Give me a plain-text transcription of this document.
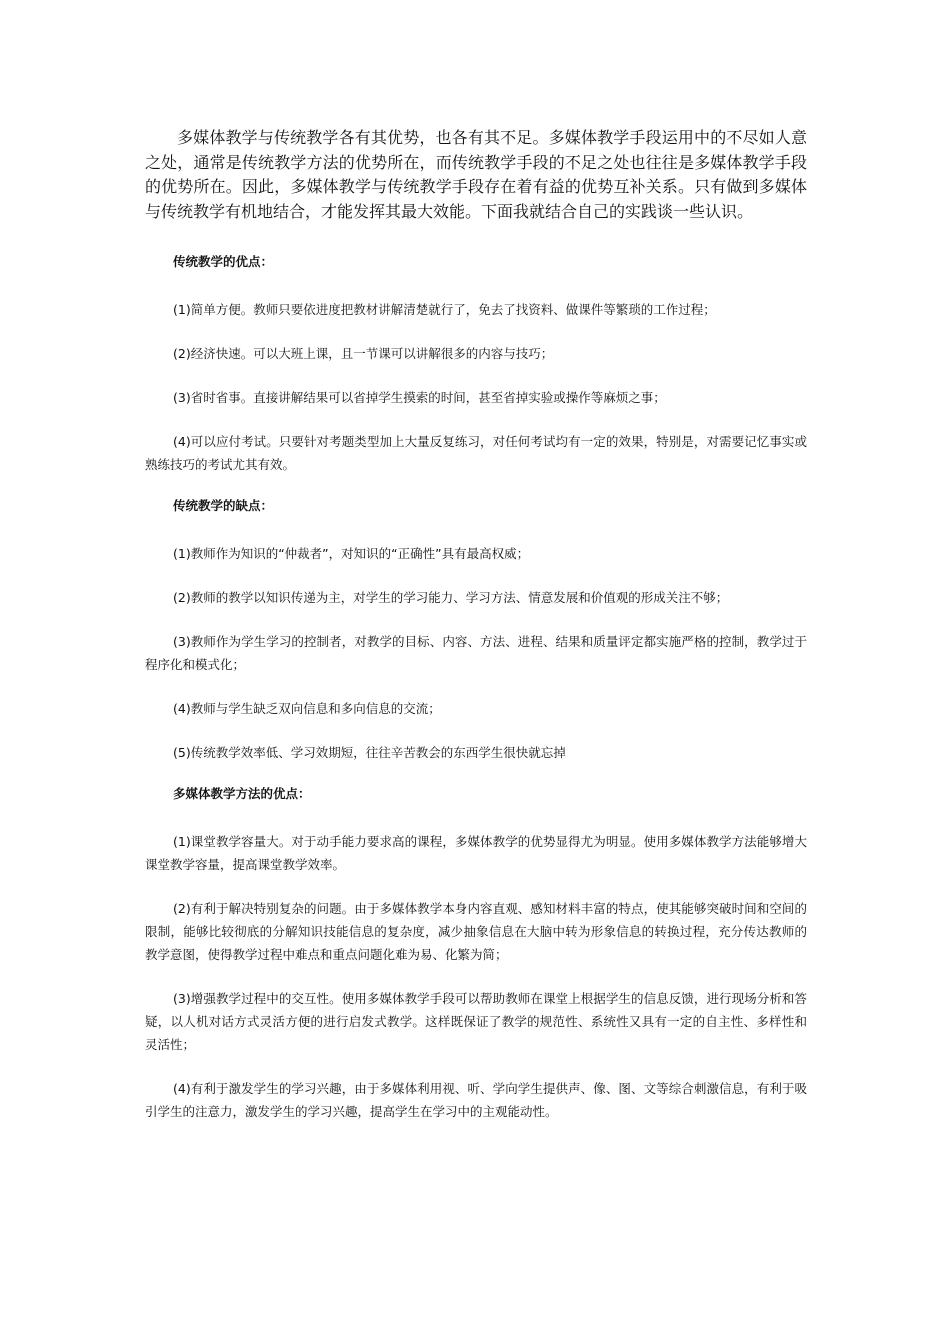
多媒体教学与传统教学各有其优势，也各有其不足。多媒体教学手段运用中的不尽如人意之处，通常是传统教学方法的优势所在，而传统教学手段的不足之处也往往是多媒体教学手段的优势所在。因此，多媒体教学与传统教学手段存在着有益的优势互补关系。只有做到多媒体与传统教学有机地结合，才能发挥其最大效能。下面我就结合自己的实践谈一些认识。

传统教学的优点：

(1)简单方便。教师只要依进度把教材讲解清楚就行了，免去了找资料、做课件等繁琐的工作过程；

(2)经济快速。可以大班上课，且一节课可以讲解很多的内容与技巧；

(3)省时省事。直接讲解结果可以省掉学生摸索的时间，甚至省掉实验或操作等麻烦之事；

(4)可以应付考试。只要针对考题类型加上大量反复练习，对任何考试均有一定的效果，特别是，对需要记忆事实或熟练技巧的考试尤其有效。

传统教学的缺点：

(1)教师作为知识的“仲裁者”，对知识的“正确性”具有最高权威；

(2)教师的教学以知识传递为主，对学生的学习能力、学习方法、情意发展和价值观的形成关注不够；

(3)教师作为学生学习的控制者，对教学的目标、内容、方法、进程、结果和质量评定都实施严格的控制，教学过于程序化和模式化；

(4)教师与学生缺乏双向信息和多向信息的交流；

(5)传统教学效率低、学习效期短，往往辛苦教会的东西学生很快就忘掉

多媒体教学方法的优点：

(1)课堂教学容量大。对于动手能力要求高的课程，多媒体教学的优势显得尤为明显。使用多媒体教学方法能够增大课堂教学容量，提高课堂教学效率。

(2)有利于解决特别复杂的问题。由于多媒体教学本身内容直观、感知材料丰富的特点，使其能够突破时间和空间的限制，能够比较彻底的分解知识技能信息的复杂度，减少抽象信息在大脑中转为形象信息的转换过程，充分传达教师的教学意图，使得教学过程中难点和重点问题化难为易、化繁为简；

(3)增强教学过程中的交互性。使用多媒体教学手段可以帮助教师在课堂上根据学生的信息反馈，进行现场分析和答疑，以人机对话方式灵活方便的进行启发式教学。这样既保证了教学的规范性、系统性又具有一定的自主性、多样性和灵活性；

(4)有利于激发学生的学习兴趣，由于多媒体利用视、听、学向学生提供声、像、图、文等综合刺激信息，有利于吸引学生的注意力，激发学生的学习兴趣，提高学生在学习中的主观能动性。
